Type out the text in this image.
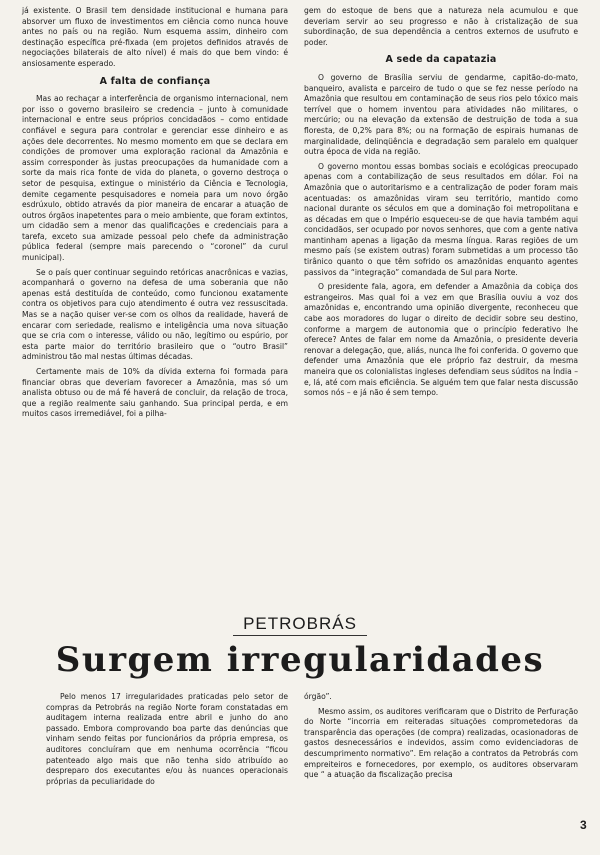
já existente. O Brasil tem densidade institucional e humana para absorver um fluxo de investimentos em ciência como nunca houve antes no país ou na região. Num esquema assim, dinheiro com destinação específica pré-fixada (em projetos definidos através de negociações bilaterais de alto nível) é mais do que bem vindo: é ansiosamente esperado.

A falta de confiança

Mas ao rechaçar a interferência de organismo internacional, nem por isso o governo brasileiro se credencia – junto à comunidade internacional e entre seus próprios concidadãos – como entidade confiável e segura para controlar e gerenciar esse dinheiro e as ações dele decorrentes. No mesmo momento em que se declara em condições de promover uma exploração racional da Amazônia e assim corresponder às justas preocupações da humanidade com a sorte da mais rica fonte de vida do planeta, o governo destroça o setor de pesquisa, extingue o ministério da Ciência e Tecnologia, demite cegamente pesquisadores e nomeia para um novo órgão esdrúxulo, obtido através da pior maneira de encarar a atuação de outros órgãos inapetentes para o meio ambiente, que foram extintos, um cidadão sem a menor das qualificações e credenciais para a tarefa, exceto sua amizade pessoal pelo chefe da administração pública federal (sempre mais parecendo o “coronel” da curul municipal).

Se o país quer continuar seguindo retóricas anacrônicas e vazias, acompanhará o governo na defesa de uma soberania que não apenas está destituída de conteúdo, como funcionou exatamente contra os objetivos para cujo atendimento é outra vez ressuscitada. Mas se a nação quiser ver-se com os olhos da realidade, haverá de encarar com seriedade, realismo e inteligência uma nova situação que se cria com o interesse, válido ou não, legítimo ou espúrio, por esta parte maior do território brasileiro que o “outro Brasil” administrou tão mal nestas últimas décadas.

Certamente mais de 10% da dívida externa foi formada para financiar obras que deveriam favorecer a Amazônia, mas só um analista obtuso ou de má fé haverá de concluir, da relação de troca, que a região realmente saiu ganhando. Sua principal perda, e em muitos casos irremediável, foi a pilha-

gem do estoque de bens que a natureza nela acumulou e que deveriam servir ao seu progresso e não à cristalização de sua subordinação, de sua dependência a centros externos de usufruto e poder.

A sede da capatazia

O governo de Brasília serviu de gendarme, capitão-do-mato, banqueiro, avalista e parceiro de tudo o que se fez nesse período na Amazônia que resultou em contaminação de seus rios pelo tóxico mais terrível que o homem inventou para atividades não militares, o mercúrio; ou na elevação da extensão de destruição de toda a sua floresta, de 0,2% para 8%; ou na formação de espirais humanas de marginalidade, delinqüência e degradação sem paralelo em qualquer outra época de vida na região.

O governo montou essas bombas sociais e ecológicas preocupado apenas com a contabilização de seus resultados em dólar. Foi na Amazônia que o autoritarismo e a centralização de poder foram mais acentuadas: os amazônidas viram seu território, mantido como nacional durante os séculos em que a dominação foi metropolitana e as décadas em que o Império esqueceu-se de que havia também aqui concidadãos, ser ocupado por novos senhores, que com a gente nativa mantinham apenas a ligação da mesma língua. Raras regiões de um mesmo país (se existem outras) foram submetidas a um processo tão tirânico quanto o que têm sofrido os amazônidas enquanto agentes passivos da “integração” comandada de Sul para Norte.

O presidente fala, agora, em defender a Amazônia da cobiça dos estrangeiros. Mas qual foi a vez em que Brasília ouviu a voz dos amazônidas e, encontrando uma opinião divergente, reconheceu que cabe aos moradores do lugar o direito de decidir sobre seu destino, conforme a margem de autonomia que o princípio federativo lhe oferece? Antes de falar em nome da Amazônia, o presidente deveria renovar a delegação, que, aliás, nunca lhe foi conferida. O governo que defender uma Amazônia que ele próprio faz destruir, da mesma maneira que os colonialistas ingleses defendiam seus súditos na Índia – e, lá, até com mais eficiência. Se alguém tem que falar nesta discussão somos nós – e já não é sem tempo.

PETROBRÁS
Surgem irregularidades

Pelo menos 17 irregularidades praticadas pelo setor de compras da Petrobrás na região Norte foram constatadas em auditagem interna realizada entre abril e junho do ano passado. Embora comprovando boa parte das denúncias que vinham sendo feitas por funcionários da própria empresa, os auditores concluíram que em nenhuma ocorrência “ficou patenteado algo mais que não tenha sido atribuído ao despreparo dos executantes e/ou às nuances operacionais próprias da peculiaridade do

órgão”.

Mesmo assim, os auditores verificaram que o Distrito de Perfuração do Norte “incorria em reiteradas situações comprometedoras da transparência das operações (de compra) realizadas, ocasionadoras de gastos desnecessários e indevidos, assim como evidenciadoras de descumprimento normativo”. Em relação a contratos da Petrobrás com empreiteiros e fornecedores, por exemplo, os auditores observaram que “ a atuação da fiscalização precisa

3
